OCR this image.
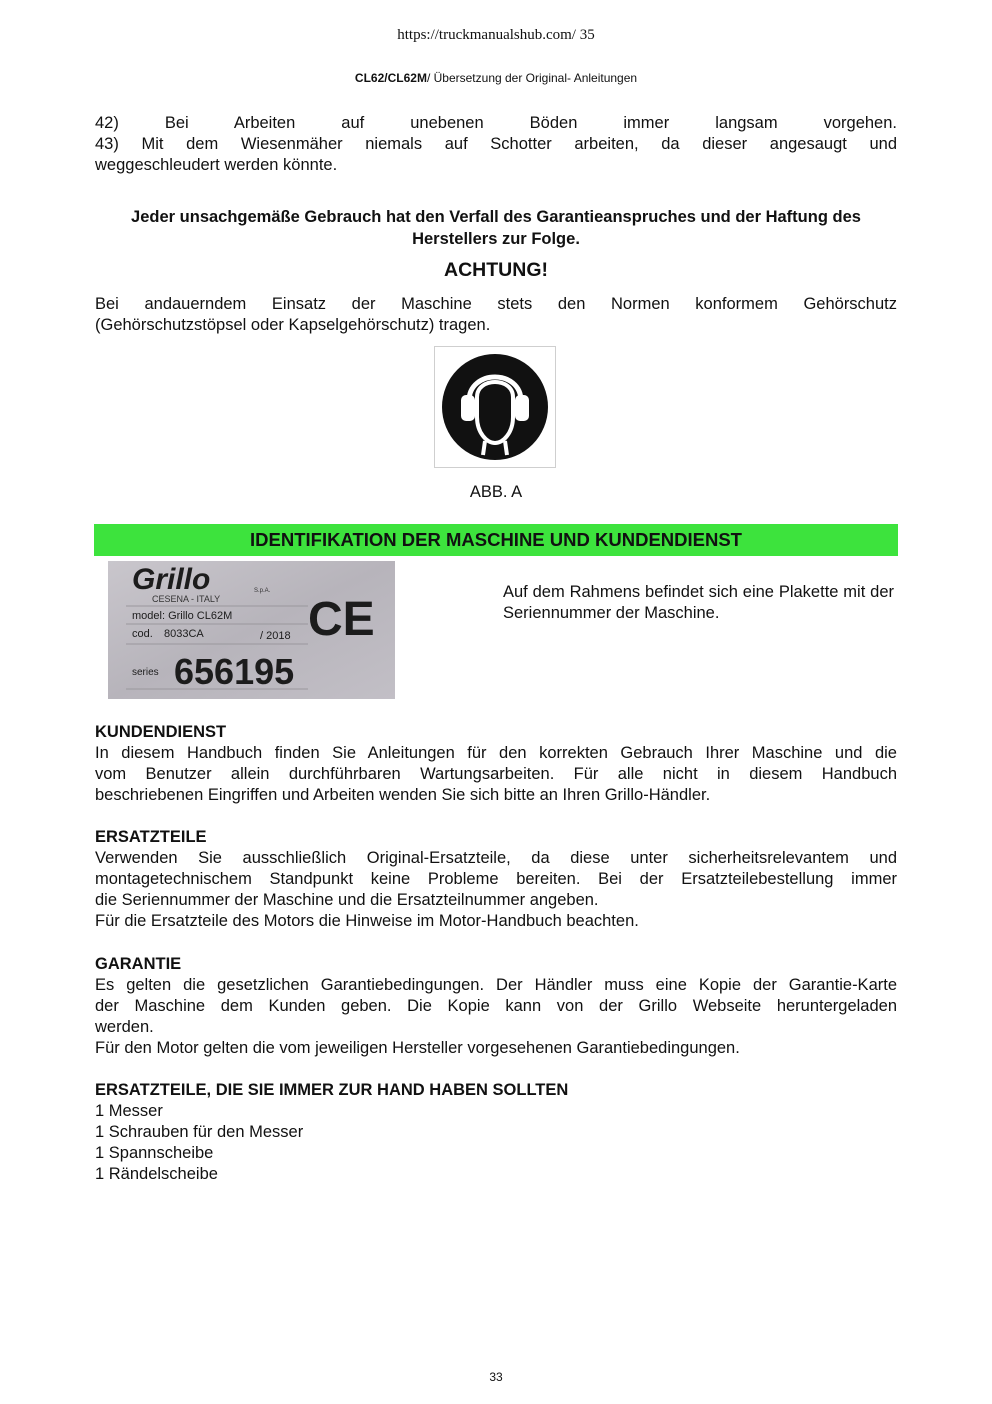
https://truckmanualshub.com/ 35
CL62/CL62M/ Übersetzung der Original- Anleitungen

42) Bei Arbeiten auf unebenen Böden immer langsam vorgehen.

43) Mit dem Wiesenmäher niemals auf Schotter arbeiten, da dieser angesaugt und

weggeschleudert werden könnte.

Jeder unsachgemäße Gebrauch hat den Verfall des Garantieanspruches und der Haftung des Herstellers zur Folge.
ACHTUNG!

Bei andauerndem Einsatz der Maschine stets den Normen konformem Gehörschutz

(Gehörschutzstöpsel oder Kapselgehörschutz) tragen.

ABB. A
IDENTIFIKATION DER MASCHINE UND KUNDENDIENST
Grillo	S.p.A.
CESENA - ITALY
model: Grillo CL62M
cod. 8033CA	/ 2018
series 656195
CE
Auf dem Rahmens befindet sich eine Plakette mit der Seriennummer der Maschine.

KUNDENDIENST

In diesem Handbuch finden Sie Anleitungen für den korrekten Gebrauch Ihrer Maschine und die

vom Benutzer allein durchführbaren Wartungsarbeiten. Für alle nicht in diesem Handbuch

beschriebenen Eingriffen und Arbeiten wenden Sie sich bitte an Ihren Grillo-Händler.

ERSATZTEILE

Verwenden Sie ausschließlich Original-Ersatzteile, da diese unter sicherheitsrelevantem und

montagetechnischem Standpunkt keine Probleme bereiten. Bei der Ersatzteilebestellung immer

die Seriennummer der Maschine und die Ersatzteilnummer angeben.

Für die Ersatzteile des Motors die Hinweise im Motor-Handbuch beachten.

GARANTIE

Es gelten die gesetzlichen Garantiebedingungen. Der Händler muss eine Kopie der Garantie-Karte

der Maschine dem Kunden geben. Die Kopie kann von der Grillo Webseite heruntergeladen

werden.

Für den Motor gelten die vom jeweiligen Hersteller vorgesehenen Garantiebedingungen.

ERSATZTEILE, DIE SIE IMMER ZUR HAND HABEN SOLLTEN

1 Messer

1 Schrauben für den Messer

1 Spannscheibe

1 Rändelscheibe

33
